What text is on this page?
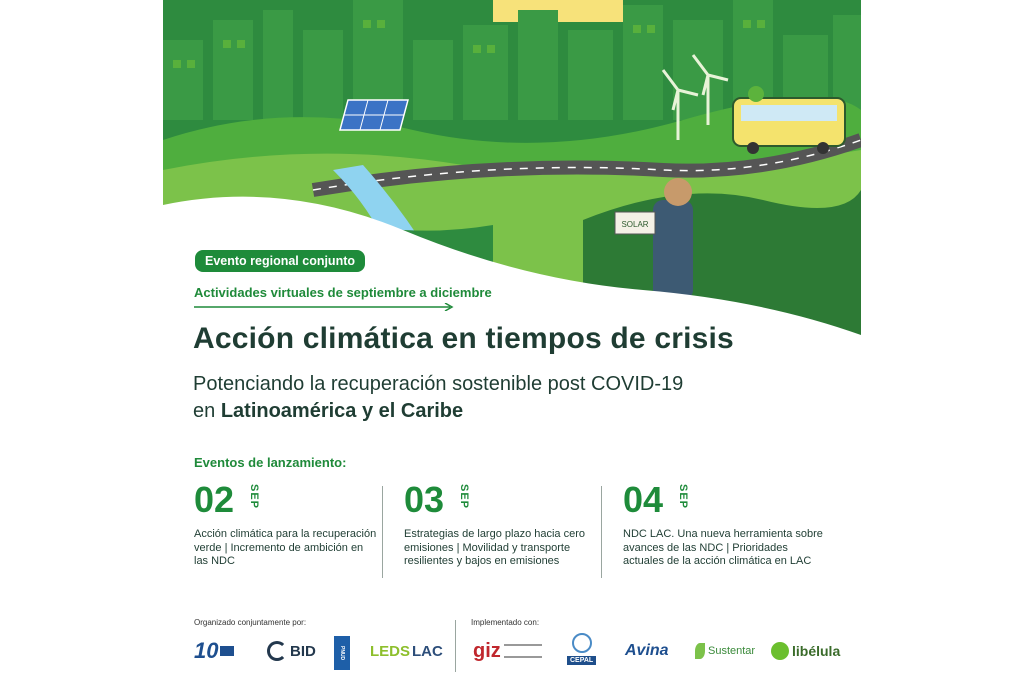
SOLAR
Evento regional conjunto
Actividades virtuales de septiembre a diciembre
Acción climática en tiempos de crisis
Potenciando la recuperación sostenible post COVID-19
en Latinoamérica y el Caribe
Eventos de lanzamiento:
02 SEP
Acción climática para la recuperación verde | Incremento de ambición en las NDC
03 SEP
Estrategias de largo plazo hacia cero emisiones | Movilidad y transporte resilientes y bajos en emisiones
04 SEP
NDC LAC. Una nueva herramienta sobre avances de las NDC | Prioridades actuales de la acción climática en LAC
Organizado conjuntamente por:	Implementado con:
10	BID	PNUD LEDS LAC giz	CEPAL
Avina	Sustentar	libélula
